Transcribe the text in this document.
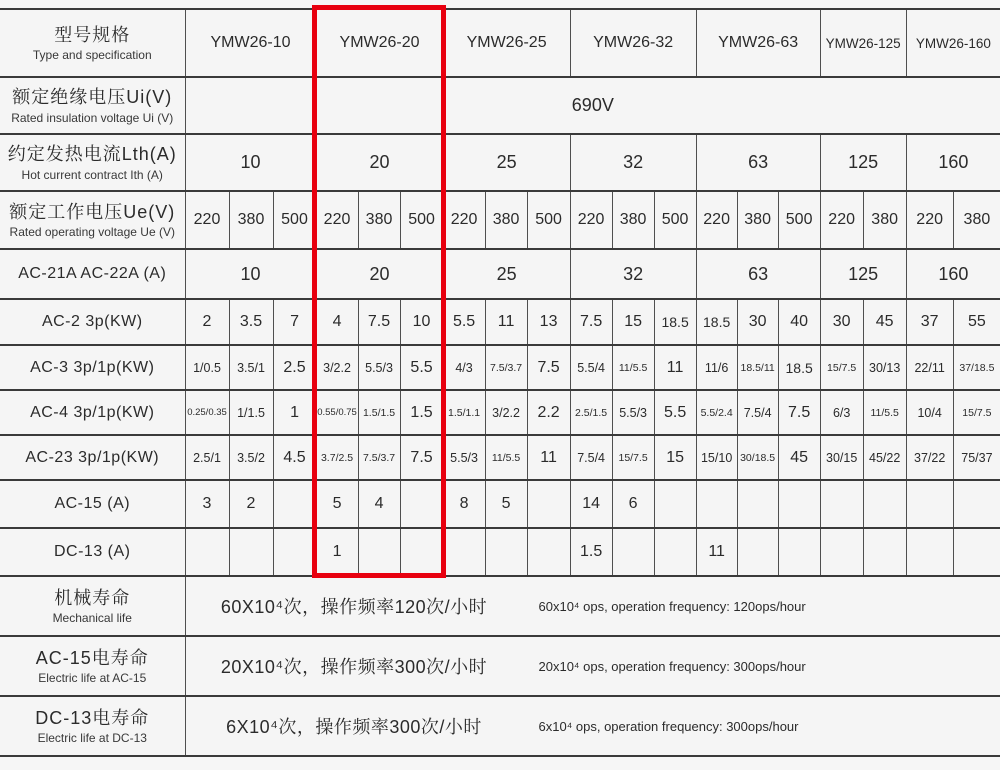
型号规格
Type and specification	YMW26-10			YMW26-20			YMW26-25			YMW26-32			YMW26-63			YMW26-125		YMW26-160	

额定绝缘电压Ui(V)
Rated insulation voltage Ui (V)	690V																		

约定发热电流Lth(A)
Hot current contract Ith (A)	10			20			25			32			63			125		160	

额定工作电压Ue(V)
Rated operating voltage Ue (V)	220	380	500	220	380	500	220	380	500	220	380	500	220	380	500	220	380	220	380

AC-21A AC-22A (A)	10			20			25			32			63			125		160	

AC-2 3p(KW)	2	3.5	7	4	7.5	10	5.5	11	13	7.5	15	18.5	18.5	30	40	30	45	37	55

AC-3 3p/1p(KW)	1/0.5	3.5/1	2.5	3/2.2	5.5/3	5.5	4/3	7.5/3.7	7.5	5.5/4	11/5.5	11	11/6	18.5/11	18.5	15/7.5	30/13	22/11	37/18.5

AC-4 3p/1p(KW)	0.25/0.35	1/1.5	1	0.55/0.75	1.5/1.5	1.5	1.5/1.1	3/2.2	2.2	2.5/1.5	5.5/3	5.5	5.5/2.4	7.5/4	7.5	6/3	11/5.5	10/4	15/7.5

AC-23 3p/1p(KW)	2.5/1	3.5/2	4.5	3.7/2.5	7.5/3.7	7.5	5.5/3	11/5.5	11	7.5/4	15/7.5	15	15/10	30/18.5	45	30/15	45/22	37/22	75/37

AC-15 (A)	3	2		5	4		8	5		14	6								

DC-13 (A)				1						1.5			11						

机械寿命
Mechanical life

60X10⁴次，操作频率120次/小时	60x10⁴ ops, operation frequency: 120ops/hour

AC-15电寿命
Electric life at AC-15

20X10⁴次，操作频率300次/小时	20x10⁴ ops, operation frequency: 300ops/hour

DC-13电寿命
Electric life at DC-13

6X10⁴次，操作频率300次/小时	6x10⁴ ops, operation frequency: 300ops/hour
